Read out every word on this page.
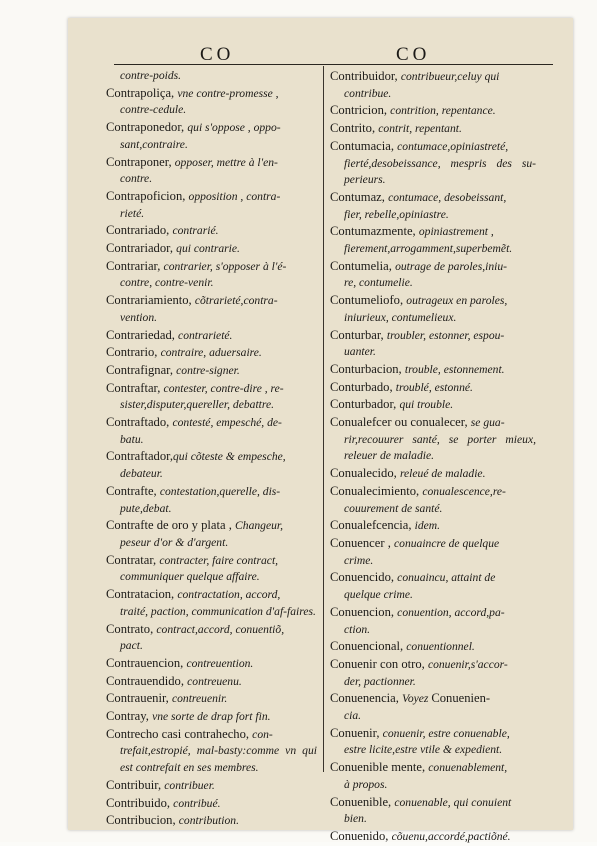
CO	CO

contre-poids.

Contrapoliça, vne contre-promesse ,
contre-cedule.

Contraponedor, qui s'oppose , oppo-
sant,contraire.

Contraponer, opposer, mettre à l'en-
contre.

Contrapoficion, opposition , contra-
rieté.

Contrariado, contrarié.

Contrariador, qui contrarie.

Contrariar, contrarier, s'opposer à l'é-
contre, contre-venir.

Contrariamiento, cõtrarieté,contra-
vention.

Contrariedad, contrarieté.

Contrario, contraire, aduersaire.

Contrafignar, contre-signer.

Contraftar, contester, contre-dire , re-
sister,disputer,quereller, debattre.

Contraftado, contesté, empesché, de-
batu.

Contraftador,qui cõteste & empesche,
debateur.

Contrafte, contestation,querelle, dis-
pute,debat.

Contrafte de oro y plata , Changeur,
peseur d'or & d'argent.

Contratar, contracter, faire contract,
communiquer quelque affaire.

Contratacion, contractation, accord,
traité, paction, communication d'af-faires.

Contrato, contract,accord, conuentiõ,
pact.

Contrauencion, contreuention.

Contrauendido, contreuenu.

Contrauenir, contreuenir.

Contray, vne sorte de drap fort fin.

Contrecho casi contrahecho, con-
trefait,estropié, mal-basty:comme vn qui est contrefait en ses membres.

Contribuir, contribuer.

Contribuido, contribué.

Contribucion, contribution.

Contribuidor, contribueur,celuy qui
contribue.

Contricion, contrition, repentance.

Contrito, contrit, repentant.

Contumacia, contumace,opiniastreté,
fierté,desobeissance, mespris des su-perieurs.

Contumaz, contumace, desobeissant,
fier, rebelle,opiniastre.

Contumazmente, opiniastrement ,
fierement,arrogamment,superbemẽt.

Contumelia, outrage de paroles,iniu-
re, contumelie.

Contumeliofo, outrageux en paroles,
iniurieux, contumelieux.

Conturbar, troubler, estonner, espou-
uanter.

Conturbacion, trouble, estonnement.

Conturbado, troublé, estonné.

Conturbador, qui trouble.

Conualefcer ou conualecer, se gua-
rir,recouurer santé, se porter mieux, releuer de maladie.

Conualecido, releué de maladie.

Conualecimiento, conualescence,re-
couurement de santé.

Conualefcencia, idem.

Conuencer , conuaincre de quelque
crime.

Conuencido, conuaincu, attaint de
quelque crime.

Conuencion, conuention, accord,pa-
ction.

Conuencional, conuentionnel.

Conuenir con otro, conuenir,s'accor-
der, pactionner.

Conuenencia, Voyez Conuenien-
cia.

Conuenir, conuenir, estre conuenable,
estre licite,estre vtile & expedient.

Conuenible mente, conuenablement,
à propos.

Conuenible, conuenable, qui conuient
bien.

Conuenido, cõuenu,accordé,pactiõné.
